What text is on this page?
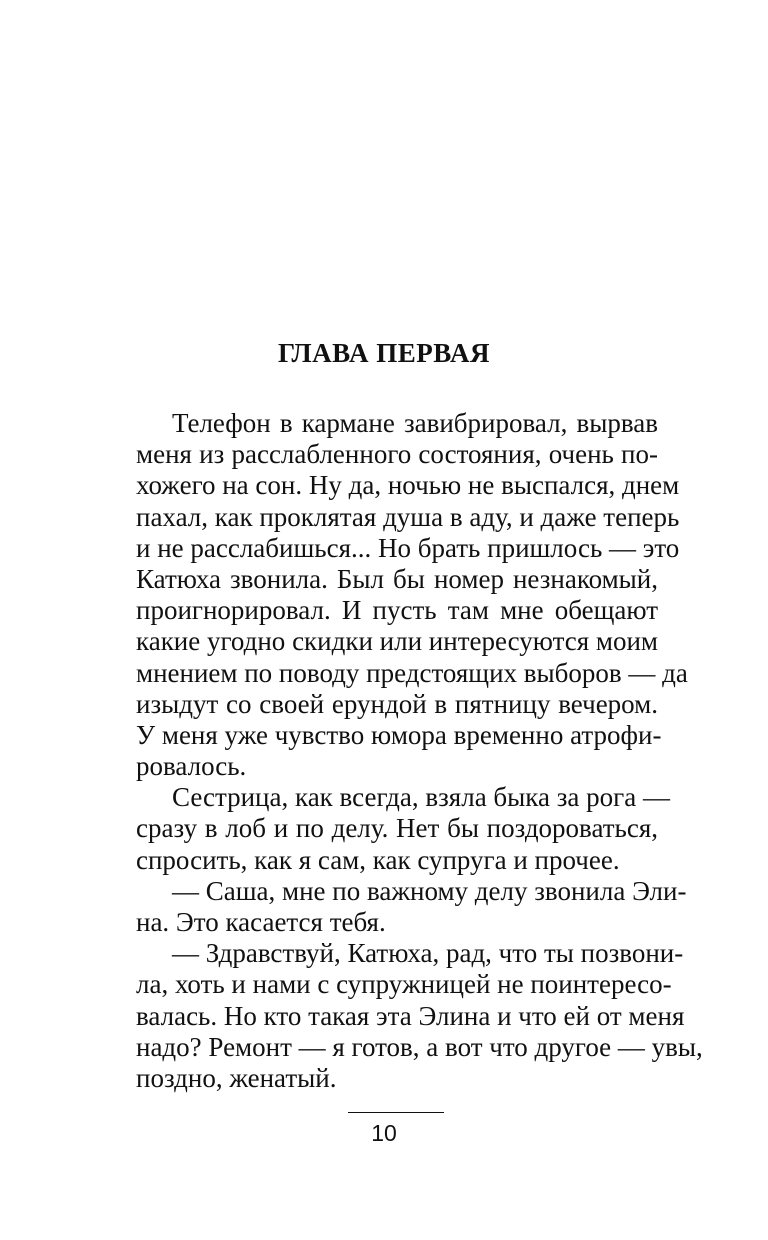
ГЛАВА ПЕРВАЯ

Телефон в кармане завибрировал, вырвав

меня из расслабленного состояния, очень по-

хожего на сон. Ну да, ночью не выспался, днем

пахал, как проклятая душа в аду, и даже теперь

и не расслабишься... Но брать пришлось — это

Катюха звонила. Был бы номер незнакомый,

проигнорировал. И пусть там мне обещают

какие угодно скидки или интересуются моим

мнением по поводу предстоящих выборов — да

изыдут со своей ерундой в пятницу вечером.

У меня уже чувство юмора временно атрофи-

ровалось.

Сестрица, как всегда, взяла быка за рога —

сразу в лоб и по делу. Нет бы поздороваться,

спросить, как я сам, как супруга и прочее.

— Саша, мне по важному делу звонила Эли-

на. Это касается тебя.

— Здравствуй, Катюха, рад, что ты позвони-

ла, хоть и нами с супружницей не поинтересо-

валась. Но кто такая эта Элина и что ей от меня

надо? Ремонт — я готов, а вот что другое — увы,

поздно, женатый.

10
